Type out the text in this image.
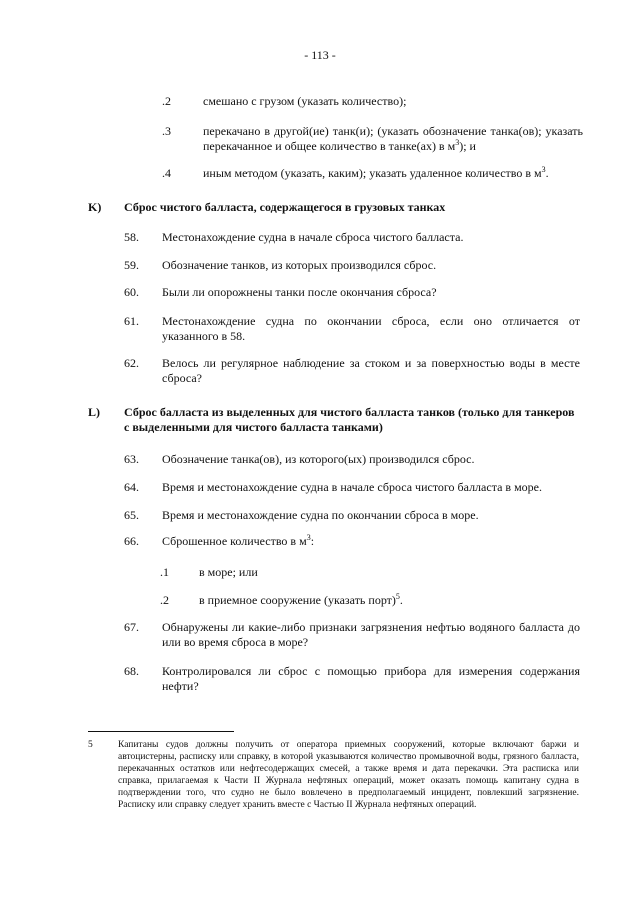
- 113 -
.2	смешано с грузом (указать количество);
.3	перекачано в другой(ие) танк(и); (указать обозначение танка(ов); указать перекачанное и общее количество в танке(ах) в $м^3$); и
.4	иным методом (указать, каким); указать удаленное количество в $м^3$.
K) Сброс чистого балласта, содержащегося в грузовых танках
58. Местонахождение судна в начале сброса чистого балласта.
59. Обозначение танков, из которых производился сброс.
60. Были ли опорожнены танки после окончания сброса?
61. Местонахождение судна по окончании сброса, если оно отличается от указанного в 58.
62. Велось ли регулярное наблюдение за стоком и за поверхностью воды в месте сброса?
L) Сброс балласта из выделенных для чистого балласта танков (только для танкеров с выделенными для чистого балласта танками)
63. Обозначение танка(ов), из которого(ых) производился сброс.
64. Время и местонахождение судна в начале сброса чистого балласта в море.
65. Время и местонахождение судна по окончании сброса в море.
66. Сброшенное количество в $м^3$:
.1	в море; или
.2	в приемное сооружение (указать порт)$^5$.
67. Обнаружены ли какие-либо признаки загрязнения нефтью водяного балласта до или во время сброса в море?
68. Контролировался ли сброс с помощью прибора для измерения содержания нефти?
5	Капитаны судов должны получить от оператора приемных сооружений, которые включают баржи и автоцистерны, расписку или справку, в которой указываются количество промывочной воды, грязного балласта, перекачанных остатков или нефтесодержащих смесей, а также время и дата перекачки. Эта расписка или справка, прилагаемая к Части II Журнала нефтяных операций, может оказать помощь капитану судна в подтверждении того, что судно не было вовлечено в предполагаемый инцидент, повлекший загрязнение. Расписку или справку следует хранить вместе с Частью II Журнала нефтяных операций.
